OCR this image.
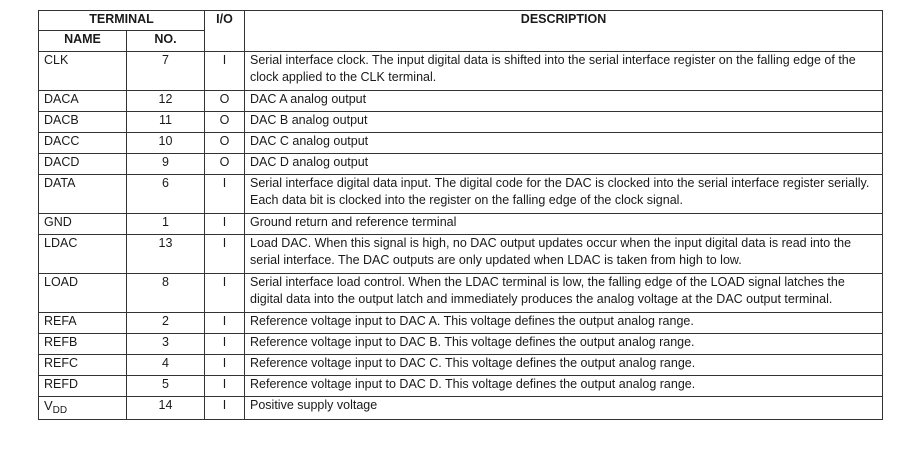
TERMINAL		I/O	DESCRIPTION
NAME	NO.		
CLK	7	I	Serial interface clock. The input digital data is shifted into the serial interface register on the falling edge of the clock applied to the CLK terminal.
DACA	12	O	DAC A analog output
DACB	11	O	DAC B analog output
DACC	10	O	DAC C analog output
DACD	9	O	DAC D analog output
DATA	6	I	Serial interface digital data input. The digital code for the DAC is clocked into the serial interface register serially. Each data bit is clocked into the register on the falling edge of the clock signal.
GND	1	I	Ground return and reference terminal
LDAC	13	I	Load DAC. When this signal is high, no DAC output updates occur when the input digital data is read into the serial interface. The DAC outputs are only updated when LDAC is taken from high to low.
LOAD	8	I	Serial interface load control. When the LDAC terminal is low, the falling edge of the LOAD signal latches the digital data into the output latch and immediately produces the analog voltage at the DAC output terminal.
REFA	2	I	Reference voltage input to DAC A. This voltage defines the output analog range.
REFB	3	I	Reference voltage input to DAC B. This voltage defines the output analog range.
REFC	4	I	Reference voltage input to DAC C. This voltage defines the output analog range.
REFD	5	I	Reference voltage input to DAC D. This voltage defines the output analog range.
$V_{DD}$	14	I	Positive supply voltage
